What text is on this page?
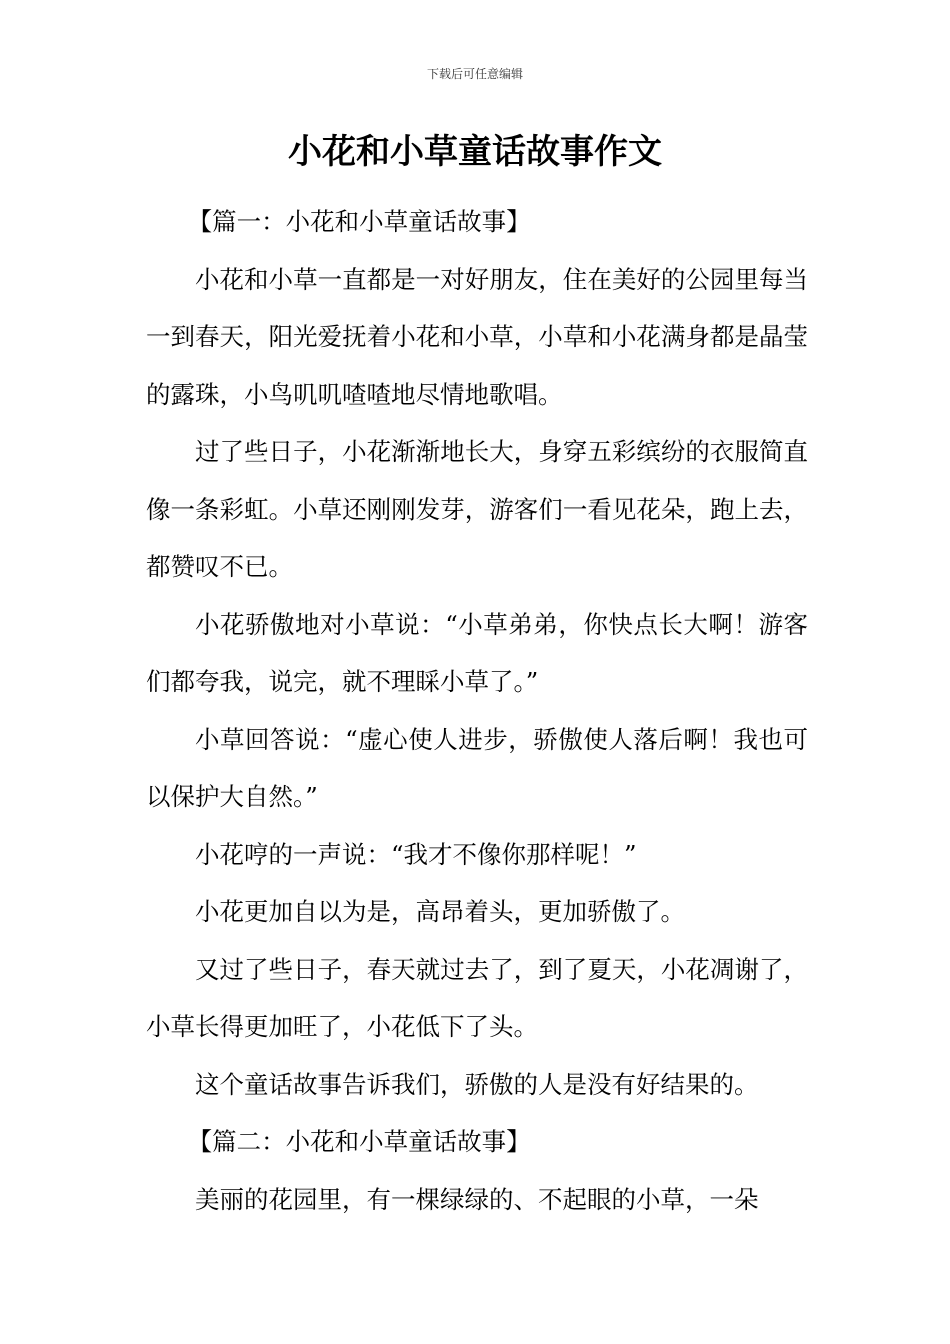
下载后可任意编辑
小花和小草童话故事作文

【篇一：小花和小草童话故事】

小花和小草一直都是一对好朋友，住在美好的公园里每当一到春天，阳光爱抚着小花和小草，小草和小花满身都是晶莹的露珠，小鸟叽叽喳喳地尽情地歌唱。

过了些日子，小花渐渐地长大，身穿五彩缤纷的衣服简直像一条彩虹。小草还刚刚发芽，游客们一看见花朵，跑上去，都赞叹不已。

小花骄傲地对小草说：“小草弟弟，你快点长大啊！游客们都夸我，说完，就不理睬小草了。”

小草回答说：“虚心使人进步，骄傲使人落后啊！我也可以保护大自然。”

小花哼的一声说：“我才不像你那样呢！”

小花更加自以为是，高昂着头，更加骄傲了。

又过了些日子，春天就过去了，到了夏天，小花凋谢了，小草长得更加旺了，小花低下了头。

这个童话故事告诉我们，骄傲的人是没有好结果的。

【篇二：小花和小草童话故事】

美丽的花园里，有一棵绿绿的、不起眼的小草，一朵
